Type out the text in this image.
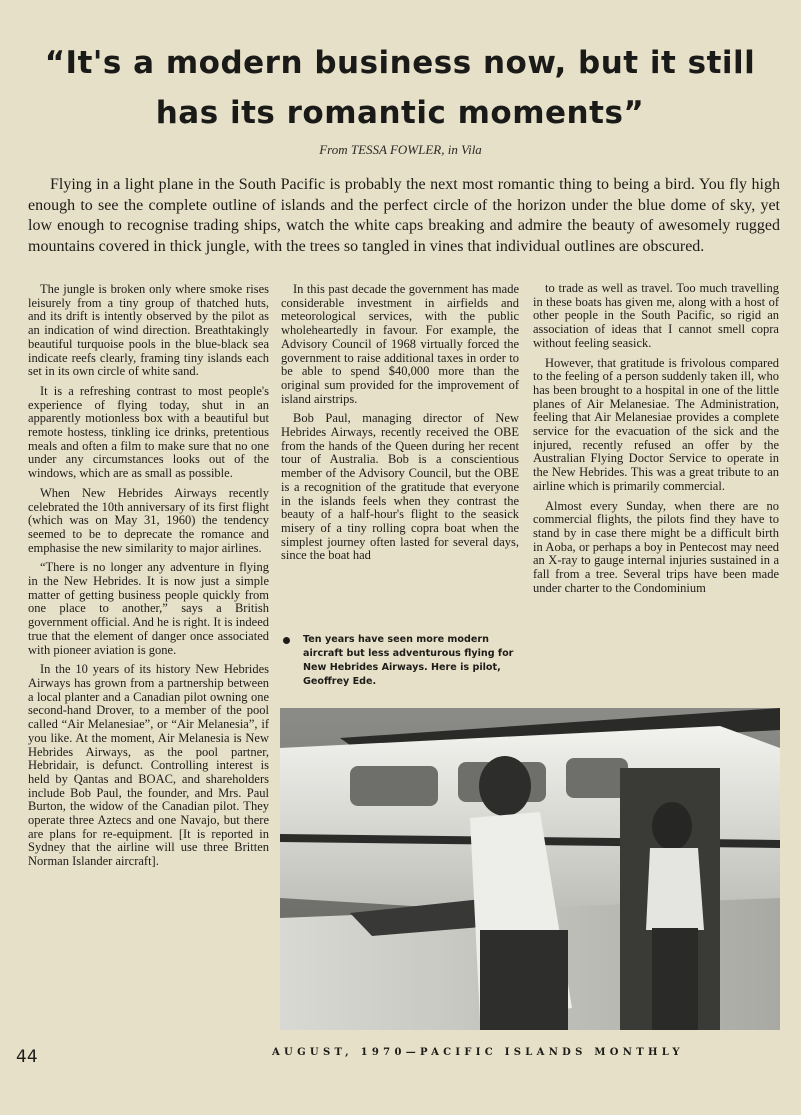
“It's a modern business now, but it still has its romantic moments”
From TESSA FOWLER, in Vila

Flying in a light plane in the South Pacific is probably the next most romantic thing to being a bird. You fly high enough to see the complete outline of islands and the perfect circle of the horizon under the blue dome of sky, yet low enough to recognise trading ships, watch the white caps breaking and admire the beauty of awesomely rugged mountains covered in thick jungle, with the trees so tangled in vines that individual outlines are obscured.

The jungle is broken only where smoke rises leisurely from a tiny group of thatched huts, and its drift is intently observed by the pilot as an indication of wind direction. Breathtakingly beautiful turquoise pools in the blue-black sea indicate reefs clearly, framing tiny islands each set in its own circle of white sand.

It is a refreshing contrast to most people's experience of flying today, shut in an apparently motionless box with a beautiful but remote hostess, tinkling ice drinks, pretentious meals and often a film to make sure that no one under any circumstances looks out of the windows, which are as small as possible.

When New Hebrides Airways recently celebrated the 10th anniversary of its first flight (which was on May 31, 1960) the tendency seemed to be to deprecate the romance and emphasise the new similarity to major airlines.

“There is no longer any adventure in flying in the New Hebrides. It is now just a simple matter of getting business people quickly from one place to another,” says a British government official. And he is right. It is indeed true that the element of danger once associated with pioneer aviation is gone.

In the 10 years of its history New Hebrides Airways has grown from a partnership between a local planter and a Canadian pilot owning one second-hand Drover, to a member of the pool called “Air Melanesiae”, or “Air Melanesia”, if you like. At the moment, Air Melanesia is New Hebrides Airways, as the pool partner, Hebridair, is defunct. Controlling interest is held by Qantas and BOAC, and shareholders include Bob Paul, the founder, and Mrs. Paul Burton, the widow of the Canadian pilot. They operate three Aztecs and one Navajo, but there are plans for re-equipment. [It is reported in Sydney that the airline will use three Britten Norman Islander aircraft].

In this past decade the government has made considerable investment in airfields and meteorological services, with the public wholeheartedly in favour. For example, the Advisory Council of 1968 virtually forced the government to raise additional taxes in order to be able to spend $40,000 more than the original sum provided for the improvement of island airstrips.

Bob Paul, managing director of New Hebrides Airways, recently received the OBE from the hands of the Queen during her recent tour of Australia. Bob is a conscientious member of the Advisory Council, but the OBE is a recognition of the gratitude that everyone in the islands feels when they contrast the beauty of a half-hour's flight to the seasick misery of a tiny rolling copra boat when the simplest journey often lasted for several days, since the boat had

Ten years have seen more modern aircraft but less adventurous flying for New Hebrides Airways. Here is pilot, Geoffrey Ede.

to trade as well as travel. Too much travelling in these boats has given me, along with a host of other people in the South Pacific, so rigid an association of ideas that I cannot smell copra without feeling seasick.

However, that gratitude is frivolous compared to the feeling of a person suddenly taken ill, who has been brought to a hospital in one of the little planes of Air Melanesiae. The Administration, feeling that Air Melanesiae provides a complete service for the evacuation of the sick and the injured, recently refused an offer by the Australian Flying Doctor Service to operate in the New Hebrides. This was a great tribute to an airline which is primarily commercial.

Almost every Sunday, when there are no commercial flights, the pilots find they have to stand by in case there might be a difficult birth in Aoba, or perhaps a boy in Pentecost may need an X-ray to gauge internal injuries sustained in a fall from a tree. Several trips have been made under charter to the Condominium

44	AUGUST, 1970—PACIFIC ISLANDS MONTHLY
